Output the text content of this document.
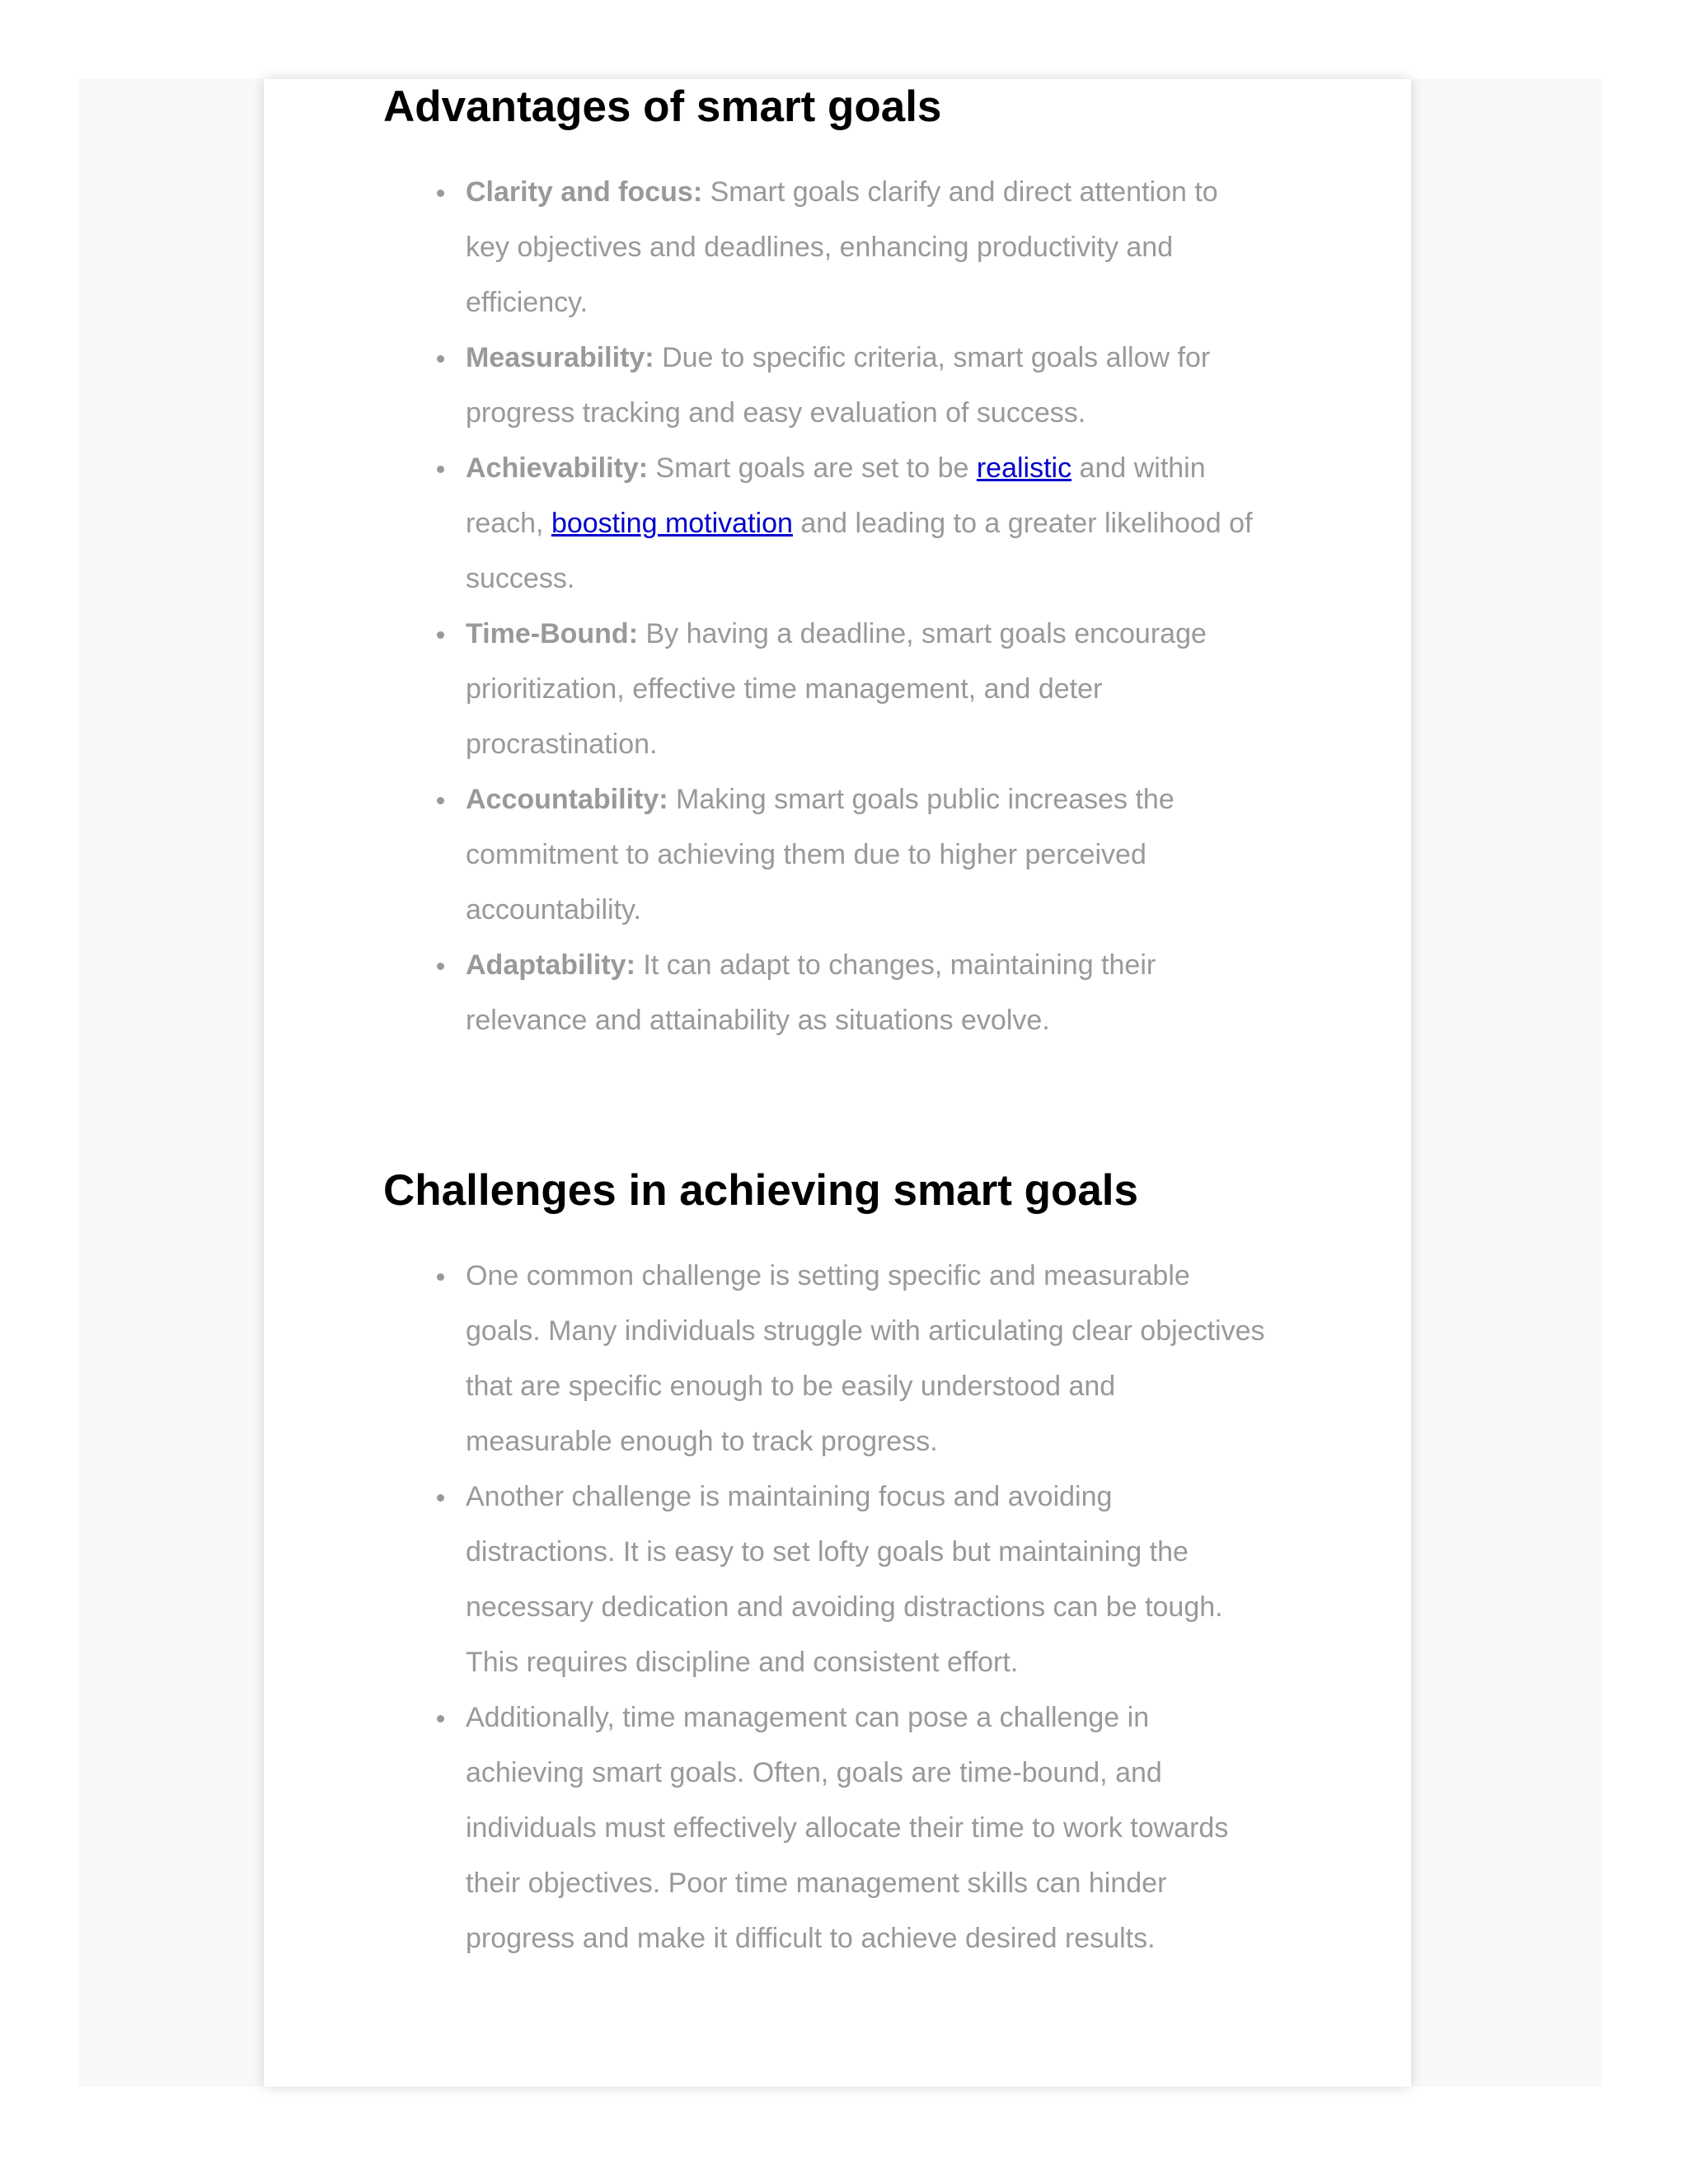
Advantages of smart goals
Clarity and focus: Smart goals clarify and direct attention to
key objectives and deadlines, enhancing productivity and
efficiency.
Measurability: Due to specific criteria, smart goals allow for
progress tracking and easy evaluation of success.
Achievability: Smart goals are set to be realistic and within
reach, boosting motivation and leading to a greater likelihood of
success.
Time-Bound: By having a deadline, smart goals encourage
prioritization, effective time management, and deter
procrastination.
Accountability: Making smart goals public increases the
commitment to achieving them due to higher perceived
accountability.
Adaptability: It can adapt to changes, maintaining their
relevance and attainability as situations evolve.
Challenges in achieving smart goals
One common challenge is setting specific and measurable
goals. Many individuals struggle with articulating clear objectives
that are specific enough to be easily understood and
measurable enough to track progress.
Another challenge is maintaining focus and avoiding
distractions. It is easy to set lofty goals but maintaining the
necessary dedication and avoiding distractions can be tough.
This requires discipline and consistent effort.
Additionally, time management can pose a challenge in
achieving smart goals. Often, goals are time-bound, and
individuals must effectively allocate their time to work towards
their objectives. Poor time management skills can hinder
progress and make it difficult to achieve desired results.
